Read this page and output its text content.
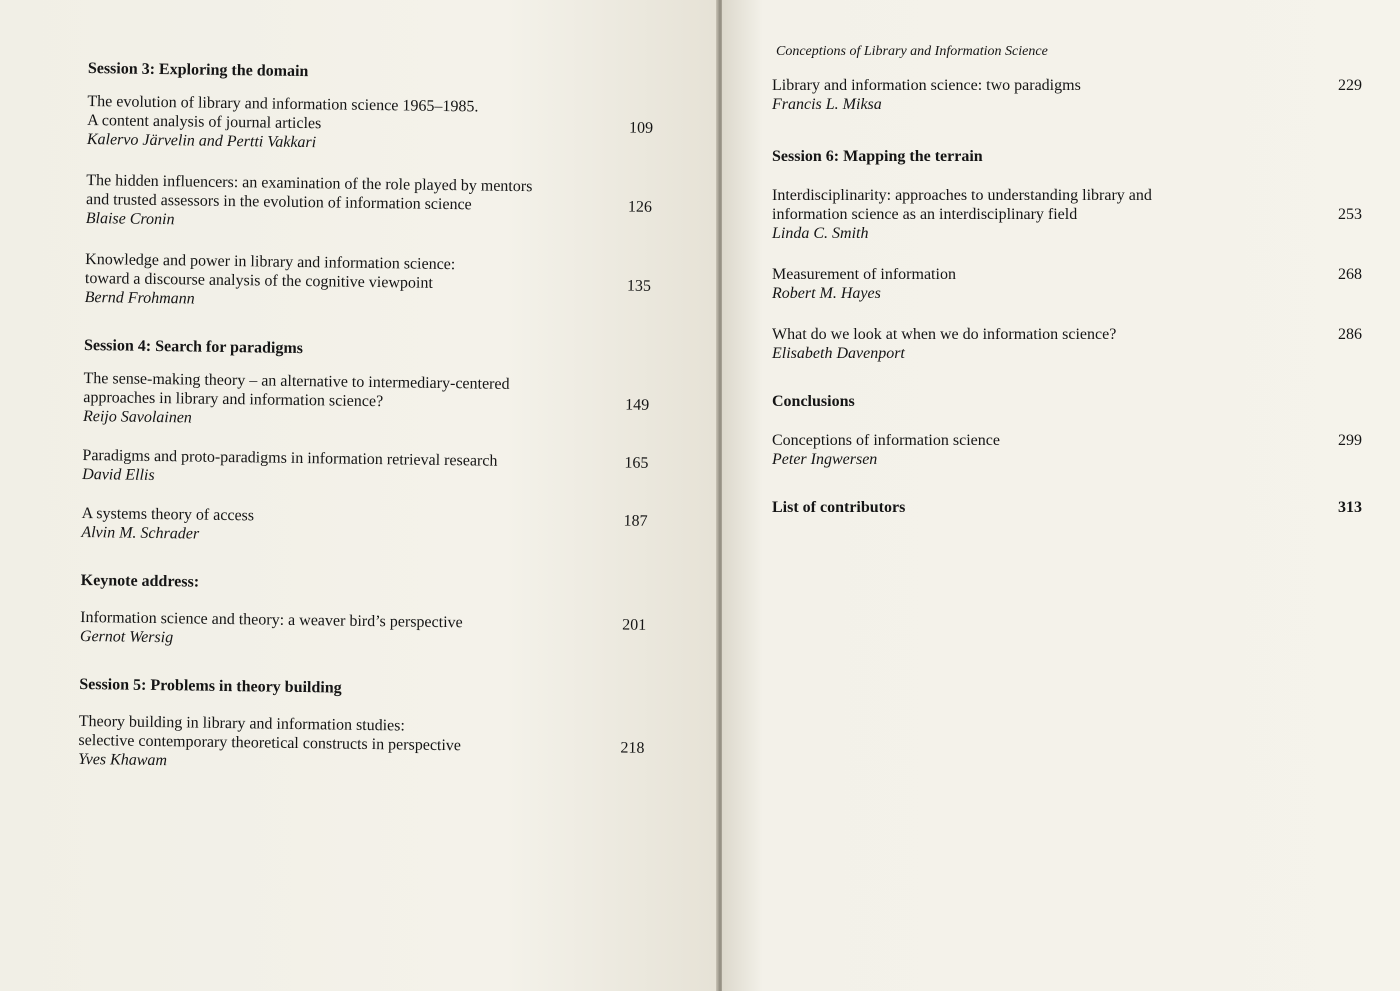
Session 3: Exploring the domain
The evolution of library and information science 1965–1985.
A content analysis of journal articles
Kalervo Järvelin and Pertti Vakkari
109
The hidden influencers: an examination of the role played by mentors
and trusted assessors in the evolution of information science
Blaise Cronin
126
Knowledge and power in library and information science:
toward a discourse analysis of the cognitive viewpoint
Bernd Frohmann
135
Session 4: Search for paradigms
The sense-making theory – an alternative to intermediary-centered
approaches in library and information science?
Reijo Savolainen
149
Paradigms and proto-paradigms in information retrieval research
David Ellis
165
A systems theory of access
Alvin M. Schrader
187
Keynote address:
Information science and theory: a weaver bird’s perspective
Gernot Wersig
201
Session 5: Problems in theory building
Theory building in library and information studies:
selective contemporary theoretical constructs in perspective
Yves Khawam
218
Conceptions of Library and Information Science
Library and information science: two paradigms
Francis L. Miksa
229
Session 6: Mapping the terrain
Interdisciplinarity: approaches to understanding library and
information science as an interdisciplinary field
Linda C. Smith
253
Measurement of information
Robert M. Hayes
268
What do we look at when we do information science?
Elisabeth Davenport
286
Conclusions
Conceptions of information science
Peter Ingwersen
299
List of contributors	313
